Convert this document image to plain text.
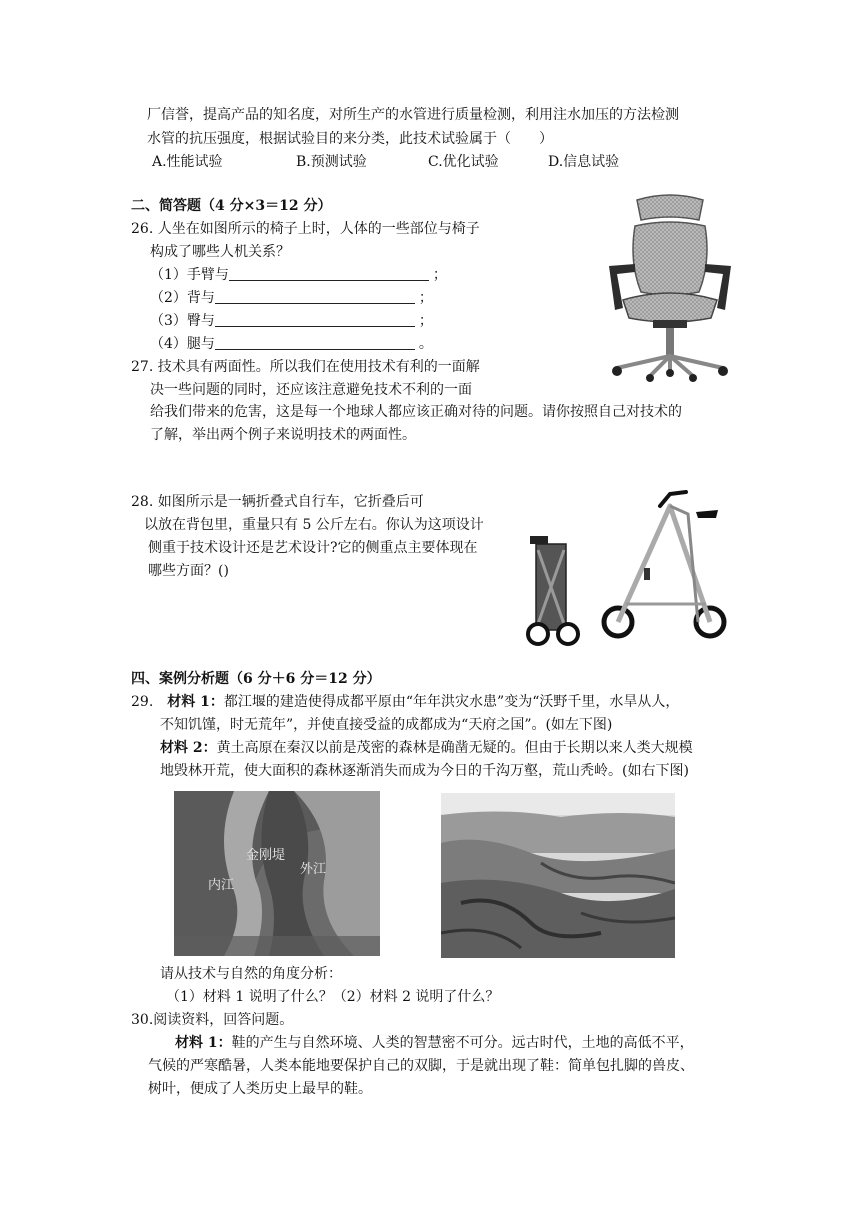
厂信誉，提高产品的知名度，对所生产的水管进行质量检测，利用注水加压的方法检测
水管的抗压强度，根据试验目的来分类，此技术试验属于（　　）
A.性能试验	B.预测试验	C.优化试验	D.信息试验
二、简答题（4 分×3＝12 分）
26. 人坐在如图所示的椅子上时，人体的一些部位与椅子
构成了哪些人机关系？
（1）手臂与	；
（2）背与	；
（3）臀与	；
（4）腿与	。
27. 技术具有两面性。所以我们在使用技术有利的一面解
决一些问题的同时，还应该注意避免技术不利的一面
给我们带来的危害，这是每一个地球人都应该正确对待的问题。请你按照自己对技术的
了解，举出两个例子来说明技术的两面性。
28. 如图所示是一辆折叠式自行车，它折叠后可
以放在背包里，重量只有 5 公斤左右。你认为这项设计
侧重于技术设计还是艺术设计?它的侧重点主要体现在
哪些方面？()
四、案例分析题（6 分＋6 分＝12 分）
29.　材料 1：都江堰的建造使得成都平原由“年年洪灾水患”变为“沃野千里，水旱从人，
不知饥馑，时无荒年”，并使直接受益的成都成为“天府之国”。(如左下图)
材料 2：黄土高原在秦汉以前是茂密的森林是确凿无疑的。但由于长期以来人类大规模
地毁林开荒，使大面积的森林逐渐消失而成为今日的千沟万壑，荒山秃岭。(如右下图)
金刚堤
外江
内江
请从技术与自然的角度分析：
（1）材料 1 说明了什么？（2）材料 2 说明了什么？
30.阅读资料，回答问题。
材料 1：鞋的产生与自然环境、人类的智慧密不可分。远古时代，土地的高低不平，
气候的严寒酷暑，人类本能地要保护自己的双脚，于是就出现了鞋：简单包扎脚的兽皮、
树叶，便成了人类历史上最早的鞋。
